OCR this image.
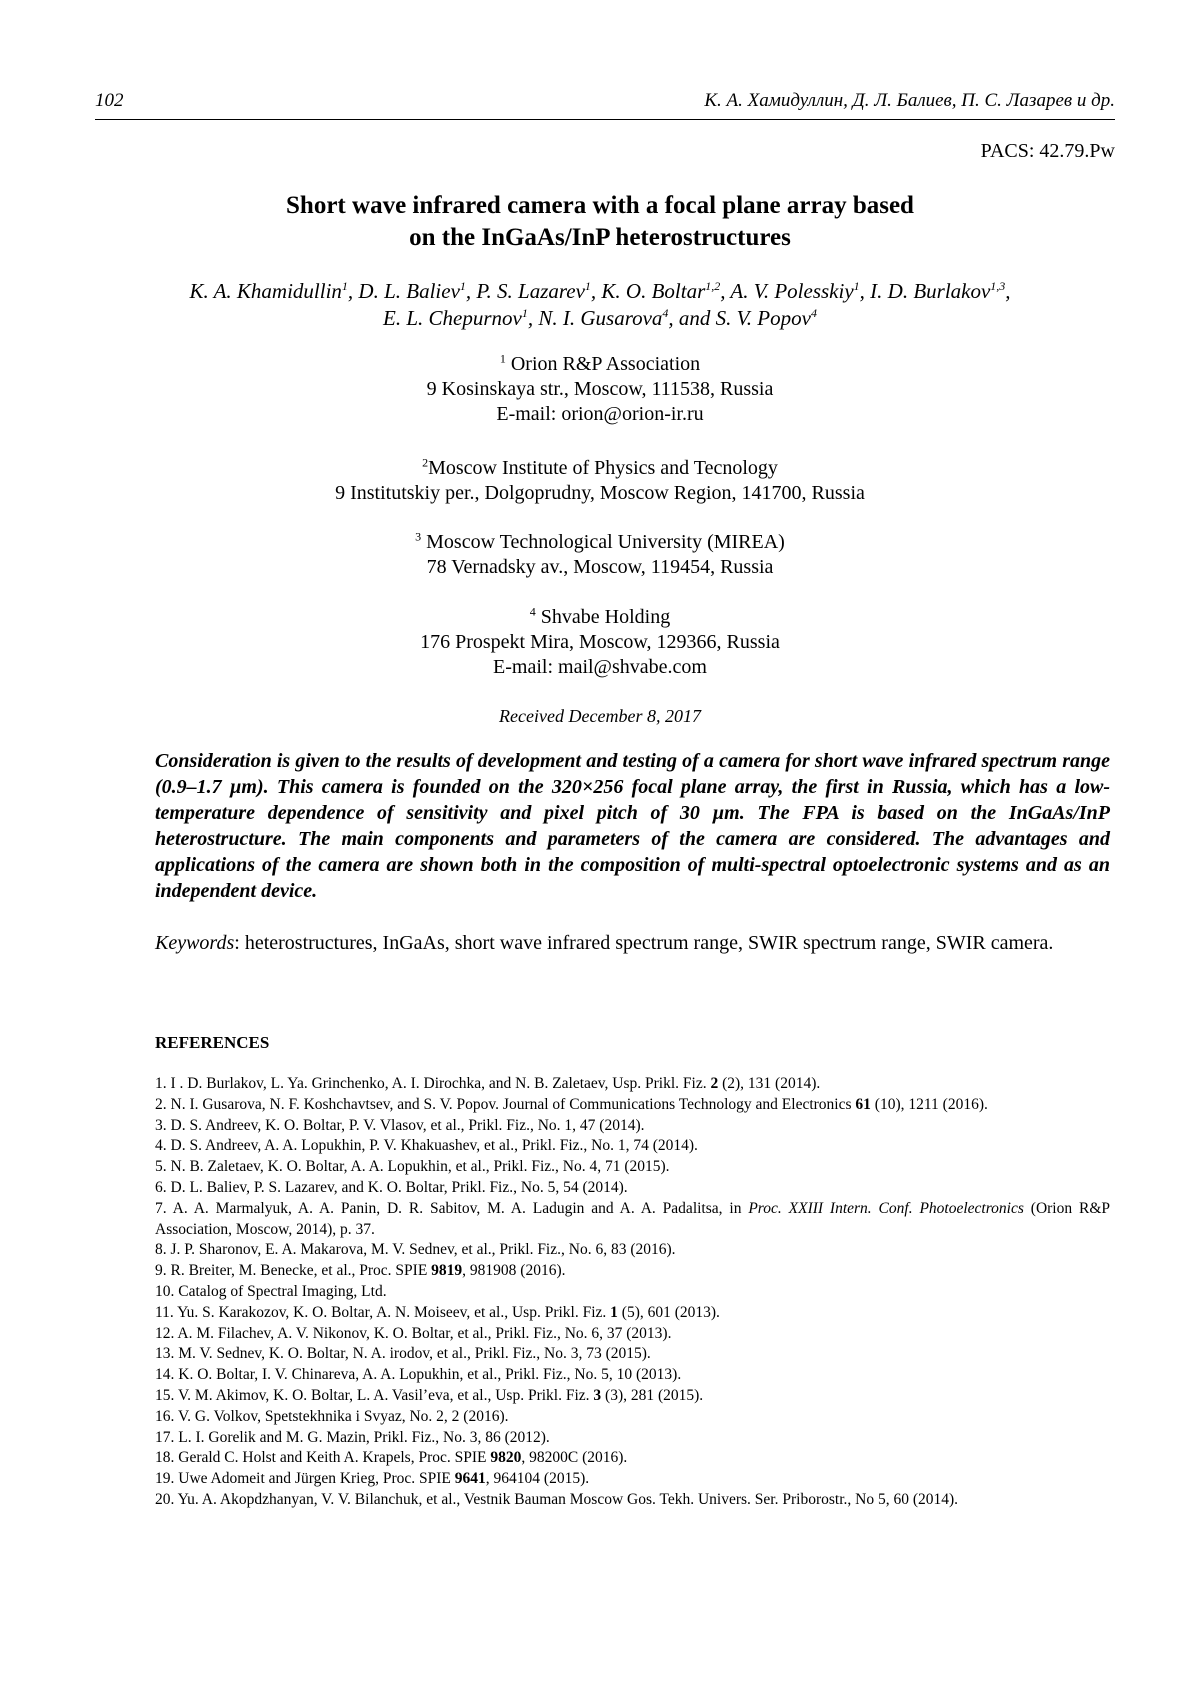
102	К. А. Хамидуллин, Д. Л. Балиев, П. С. Лазарев и др.
PACS: 42.79.Pw
Short wave infrared camera with a focal plane array based
on the InGaAs/InP heterostructures
K. A. Khamidullin$^1$, D. L. Baliev$^1$, P. S. Lazarev$^1$, K. O. Boltar$^{1,2}$, A. V. Polesskiy$^1$, I. D. Burlakov$^{1,3}$,
E. L. Chepurnov$^1$, N. I. Gusarova$^4$, and S. V. Popov$^4$
$^1$ Orion R&P Association
9 Kosinskaya str., Moscow, 111538, Russia
E-mail: orion@orion-ir.ru
$^2$Moscow Institute of Physics and Tecnology
9 Institutskiy per., Dolgoprudny, Moscow Region, 141700, Russia
$^3$ Moscow Technological University (MIREA)
78 Vernadsky av., Moscow, 119454, Russia
$^4$ Shvabe Holding
176 Prospekt Mira, Moscow, 129366, Russia
E-mail: mail@shvabe.com
Received December 8, 2017
Consideration is given to the results of development and testing of a camera for short wave infrared spectrum range (0.9–1.7 µm). This camera is founded on the 320×256 focal plane array, the first in Russia, which has a low-temperature dependence of sensitivity and pixel pitch of 30 µm. The FPA is based on the InGaAs/InP heterostructure. The main components and parameters of the camera are considered. The advantages and applications of the camera are shown both in the composition of multi-spectral optoelectronic systems and as an independent device.
Keywords: heterostructures, InGaAs, short wave infrared spectrum range, SWIR spectrum range, SWIR camera.
REFERENCES
1. I . D. Burlakov, L. Ya. Grinchenko, A. I. Dirochka, and N. B. Zaletaev, Usp. Prikl. Fiz. 2 (2), 131 (2014).
2. N. I. Gusarova, N. F. Koshchavtsev, and S. V. Popov. Journal of Communications Technology and Electronics 61 (10), 1211 (2016).
3. D. S. Andreev, K. O. Boltar, P. V. Vlasov, et al., Prikl. Fiz., No. 1, 47 (2014).
4. D. S. Andreev, A. A. Lopukhin, P. V. Khakuashev, et al., Prikl. Fiz., No. 1, 74 (2014).
5. N. B. Zaletaev, K. O. Boltar, A. A. Lopukhin, et al., Prikl. Fiz., No. 4, 71 (2015).
6. D. L. Baliev, P. S. Lazarev, and K. O. Boltar, Prikl. Fiz., No. 5, 54 (2014).
7. A. A. Marmalyuk, A. A. Panin, D. R. Sabitov, M. A. Ladugin and A. A. Padalitsa, in Proc. XXIII Intern. Conf. Photoelectronics (Orion R&P Association, Moscow, 2014), p. 37.
8. J. P. Sharonov, E. A. Makarova, M. V. Sednev, et al., Prikl. Fiz., No. 6, 83 (2016).
9. R. Breiter, M. Benecke, et al., Proc. SPIE 9819, 981908 (2016).
10. Catalog of Spectral Imaging, Ltd.
11. Yu. S. Karakozov, K. O. Boltar, A. N. Moiseev, et al., Usp. Prikl. Fiz. 1 (5), 601 (2013).
12. A. M. Filachev, A. V. Nikonov, K. O. Boltar, et al., Prikl. Fiz., No. 6, 37 (2013).
13. M. V. Sednev, K. O. Boltar, N. A. irodov, et al., Prikl. Fiz., No. 3, 73 (2015).
14. K. O. Boltar, I. V. Chinareva, A. A. Lopukhin, et al., Prikl. Fiz., No. 5, 10 (2013).
15. V. M. Akimov, K. O. Boltar, L. A. Vasil’eva, et al., Usp. Prikl. Fiz. 3 (3), 281 (2015).
16. V. G. Volkov, Spetstekhnika i Svyaz, No. 2, 2 (2016).
17. L. I. Gorelik and M. G. Mazin, Prikl. Fiz., No. 3, 86 (2012).
18. Gerald C. Holst and Keith A. Krapels, Proc. SPIE 9820, 98200C (2016).
19. Uwe Adomeit and Jürgen Krieg, Proc. SPIE 9641, 964104 (2015).
20. Yu. A. Akopdzhanyan, V. V. Bilanchuk, et al., Vestnik Bauman Moscow Gos. Tekh. Univers. Ser. Priborostr., No 5, 60 (2014).
